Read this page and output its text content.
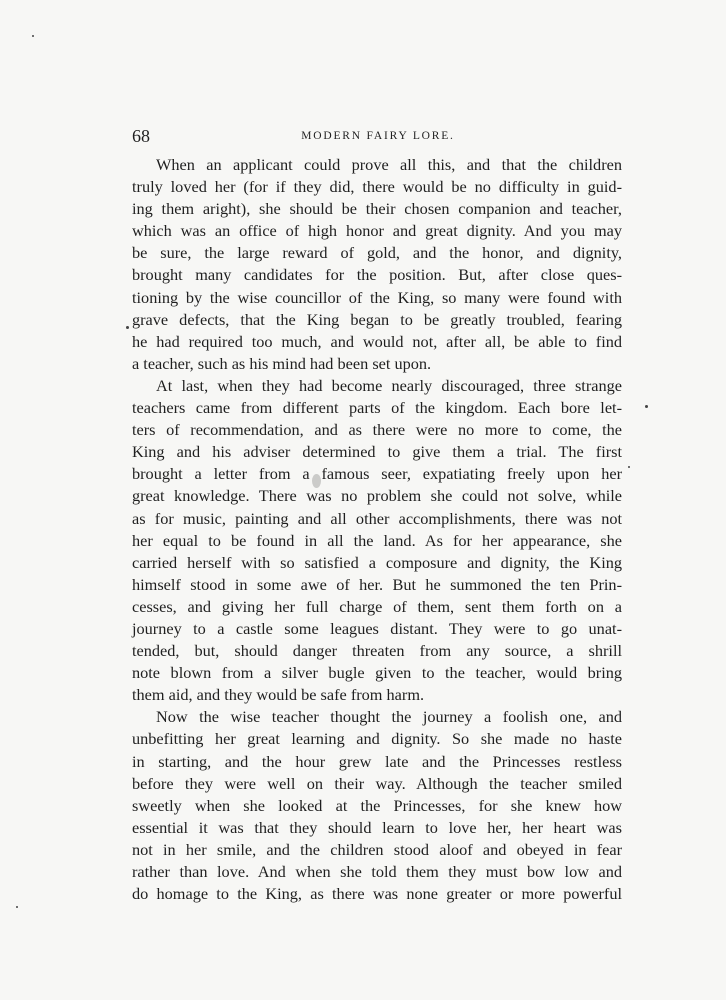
68	MODERN FAIRY LORE.
When an applicant could prove all this, and that the children
truly loved her (for if they did, there would be no difficulty in guid-
ing them aright), she should be their chosen companion and teacher,
which was an office of high honor and great dignity. And you may
be sure, the large reward of gold, and the honor, and dignity,
brought many candidates for the position. But, after close ques-
tioning by the wise councillor of the King, so many were found with
grave defects, that the King began to be greatly troubled, fearing
he had required too much, and would not, after all, be able to find
a teacher, such as his mind had been set upon.
At last, when they had become nearly discouraged, three strange
teachers came from different parts of the kingdom. Each bore let-
ters of recommendation, and as there were no more to come, the
King and his adviser determined to give them a trial. The first
brought a letter from a famous seer, expatiating freely upon her
great knowledge. There was no problem she could not solve, while
as for music, painting and all other accomplishments, there was not
her equal to be found in all the land. As for her appearance, she
carried herself with so satisfied a composure and dignity, the King
himself stood in some awe of her. But he summoned the ten Prin-
cesses, and giving her full charge of them, sent them forth on a
journey to a castle some leagues distant. They were to go unat-
tended, but, should danger threaten from any source, a shrill
note blown from a silver bugle given to the teacher, would bring
them aid, and they would be safe from harm.
Now the wise teacher thought the journey a foolish one, and
unbefitting her great learning and dignity. So she made no haste
in starting, and the hour grew late and the Princesses restless
before they were well on their way. Although the teacher smiled
sweetly when she looked at the Princesses, for she knew how
essential it was that they should learn to love her, her heart was
not in her smile, and the children stood aloof and obeyed in fear
rather than love. And when she told them they must bow low and
do homage to the King, as there was none greater or more powerful
